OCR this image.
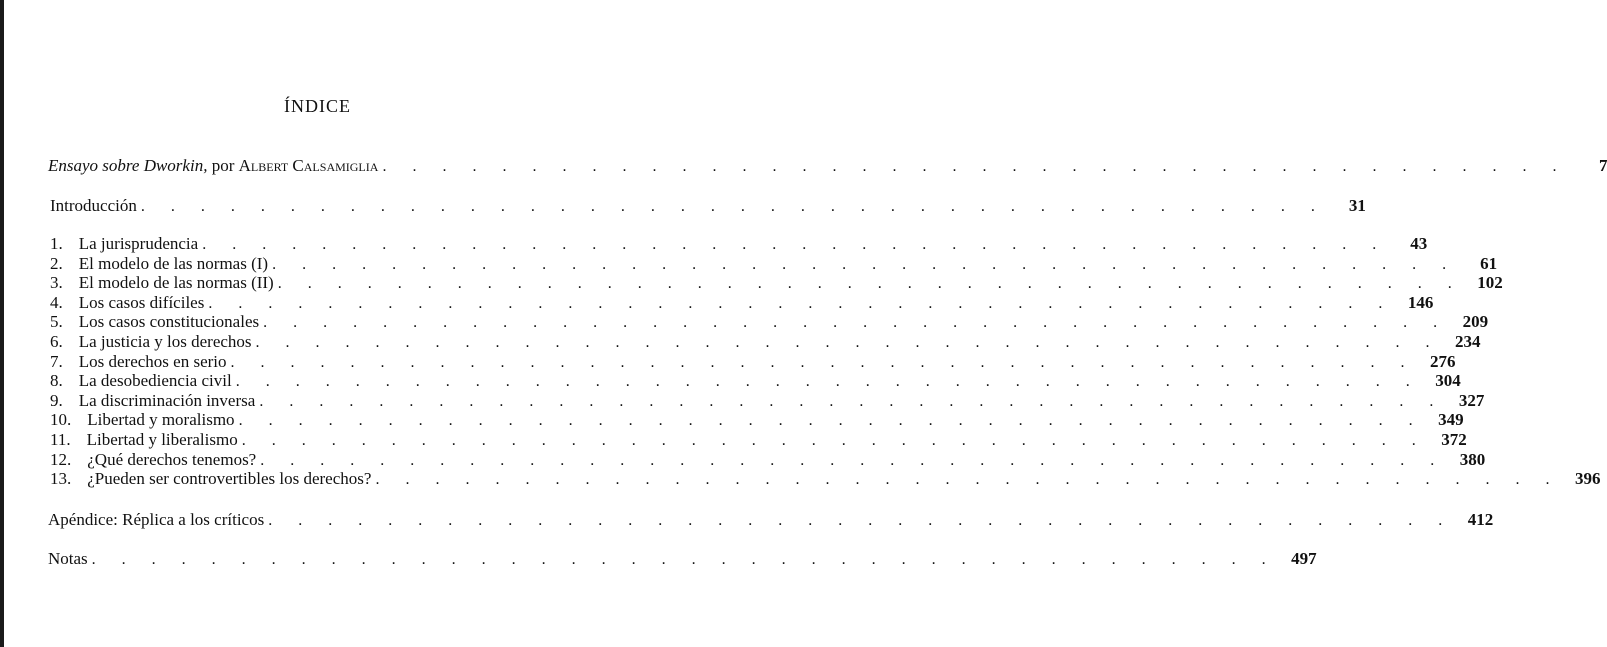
ÍNDICE
Ensayo sobre Dworkin, por Albert Calsamiglia . . . . . . . . . . . . . . . . . . . . . . . . . . . . . . . . . . . . . . . .	7
Introducción . . . . . . . . . . . . . . . . . . . . . . . . . . . . . . . . . . . . . . . .	31
1. La jurisprudencia . . . . . . . . . . . . . . . . . . . . . . . . . . . . . . . . . . . . . . . .	43
2. El modelo de las normas (I) . . . . . . . . . . . . . . . . . . . . . . . . . . . . . . . . . . . . . . . .	61
3. El modelo de las normas (II) . . . . . . . . . . . . . . . . . . . . . . . . . . . . . . . . . . . . . . . . 102
4. Los casos difíciles . . . . . . . . . . . . . . . . . . . . . . . . . . . . . . . . . . . . . . . . 146
5. Los casos constitucionales . . . . . . . . . . . . . . . . . . . . . . . . . . . . . . . . . . . . . . . . 209
6. La justicia y los derechos . . . . . . . . . . . . . . . . . . . . . . . . . . . . . . . . . . . . . . . . 234
7. Los derechos en serio . . . . . . . . . . . . . . . . . . . . . . . . . . . . . . . . . . . . . . . . 276
8. La desobediencia civil . . . . . . . . . . . . . . . . . . . . . . . . . . . . . . . . . . . . . . . . 304
9. La discriminación inversa . . . . . . . . . . . . . . . . . . . . . . . . . . . . . . . . . . . . . . . . 327
10. Libertad y moralismo . . . . . . . . . . . . . . . . . . . . . . . . . . . . . . . . . . . . . . . . 349
11. Libertad y liberalismo . . . . . . . . . . . . . . . . . . . . . . . . . . . . . . . . . . . . . . . . 372
12. ¿Qué derechos tenemos? . . . . . . . . . . . . . . . . . . . . . . . . . . . . . . . . . . . . . . . . 380
13. ¿Pueden ser controvertibles los derechos? . . . . . . . . . . . . . . . . . . . . . . . . . . . . . . . . . . . . . . . . 396
Apéndice: Réplica a los críticos . . . . . . . . . . . . . . . . . . . . . . . . . . . . . . . . . . . . . . . . 412
Notas . . . . . . . . . . . . . . . . . . . . . . . . . . . . . . . . . . . . . . . . 497
